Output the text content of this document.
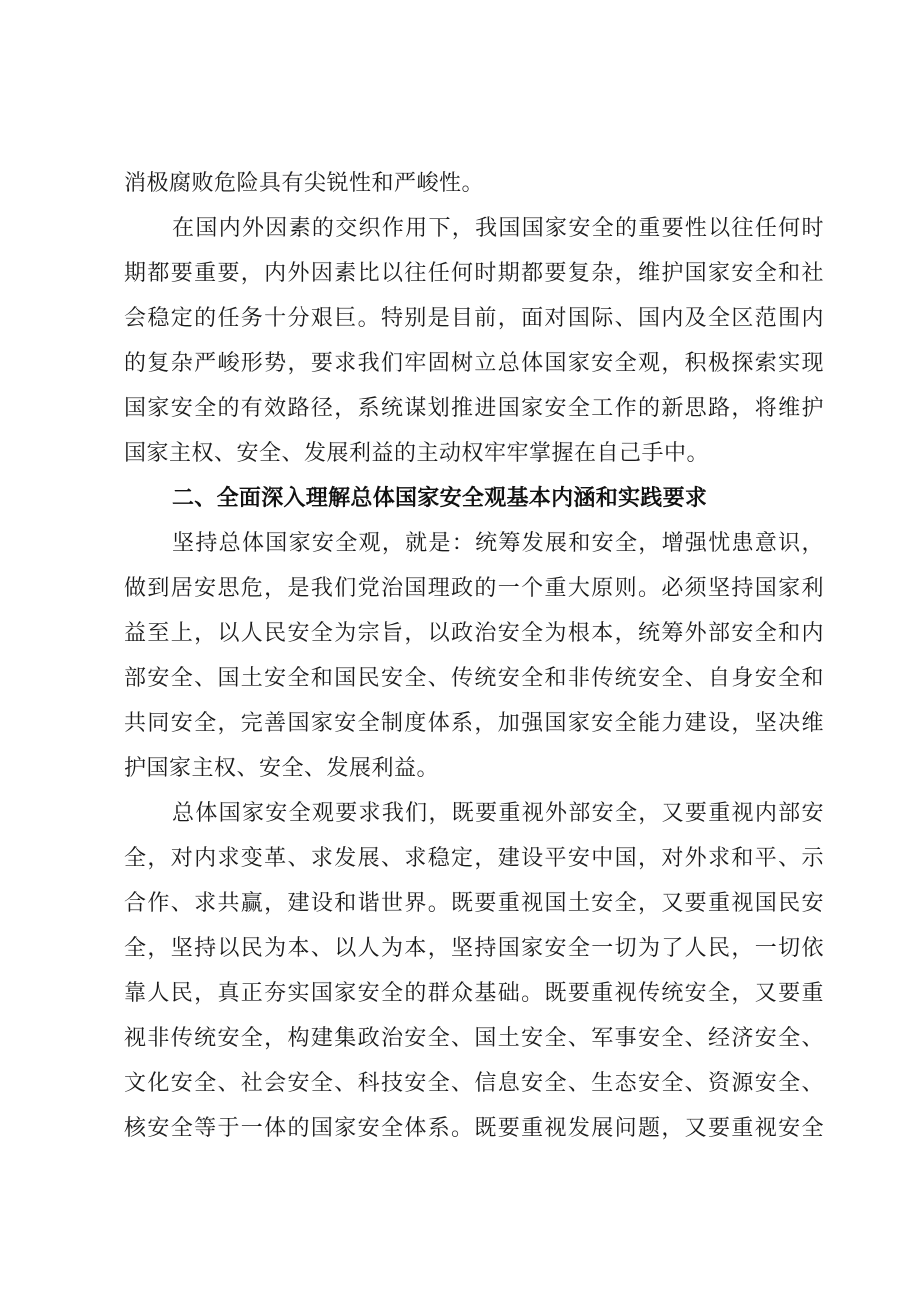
消极腐败危险具有尖锐性和严峻性。
在国内外因素的交织作用下，我国国家安全的重要性以往任何时
期都要重要，内外因素比以往任何时期都要复杂，维护国家安全和社
会稳定的任务十分艰巨。特别是目前，面对国际、国内及全区范围内
的复杂严峻形势，要求我们牢固树立总体国家安全观，积极探索实现
国家安全的有效路径，系统谋划推进国家安全工作的新思路，将维护
国家主权、安全、发展利益的主动权牢牢掌握在自己手中。
二、全面深入理解总体国家安全观基本内涵和实践要求
坚持总体国家安全观，就是：统筹发展和安全，增强忧患意识，
做到居安思危，是我们党治国理政的一个重大原则。必须坚持国家利
益至上，以人民安全为宗旨，以政治安全为根本，统筹外部安全和内
部安全、国土安全和国民安全、传统安全和非传统安全、自身安全和
共同安全，完善国家安全制度体系，加强国家安全能力建设，坚决维
护国家主权、安全、发展利益。
总体国家安全观要求我们，既要重视外部安全，又要重视内部安
全，对内求变革、求发展、求稳定，建设平安中国，对外求和平、示
合作、求共赢，建设和谐世界。既要重视国土安全，又要重视国民安
全，坚持以民为本、以人为本，坚持国家安全一切为了人民，一切依
靠人民，真正夯实国家安全的群众基础。既要重视传统安全，又要重
视非传统安全，构建集政治安全、国土安全、军事安全、经济安全、
文化安全、社会安全、科技安全、信息安全、生态安全、资源安全、
核安全等于一体的国家安全体系。既要重视发展问题，又要重视安全
